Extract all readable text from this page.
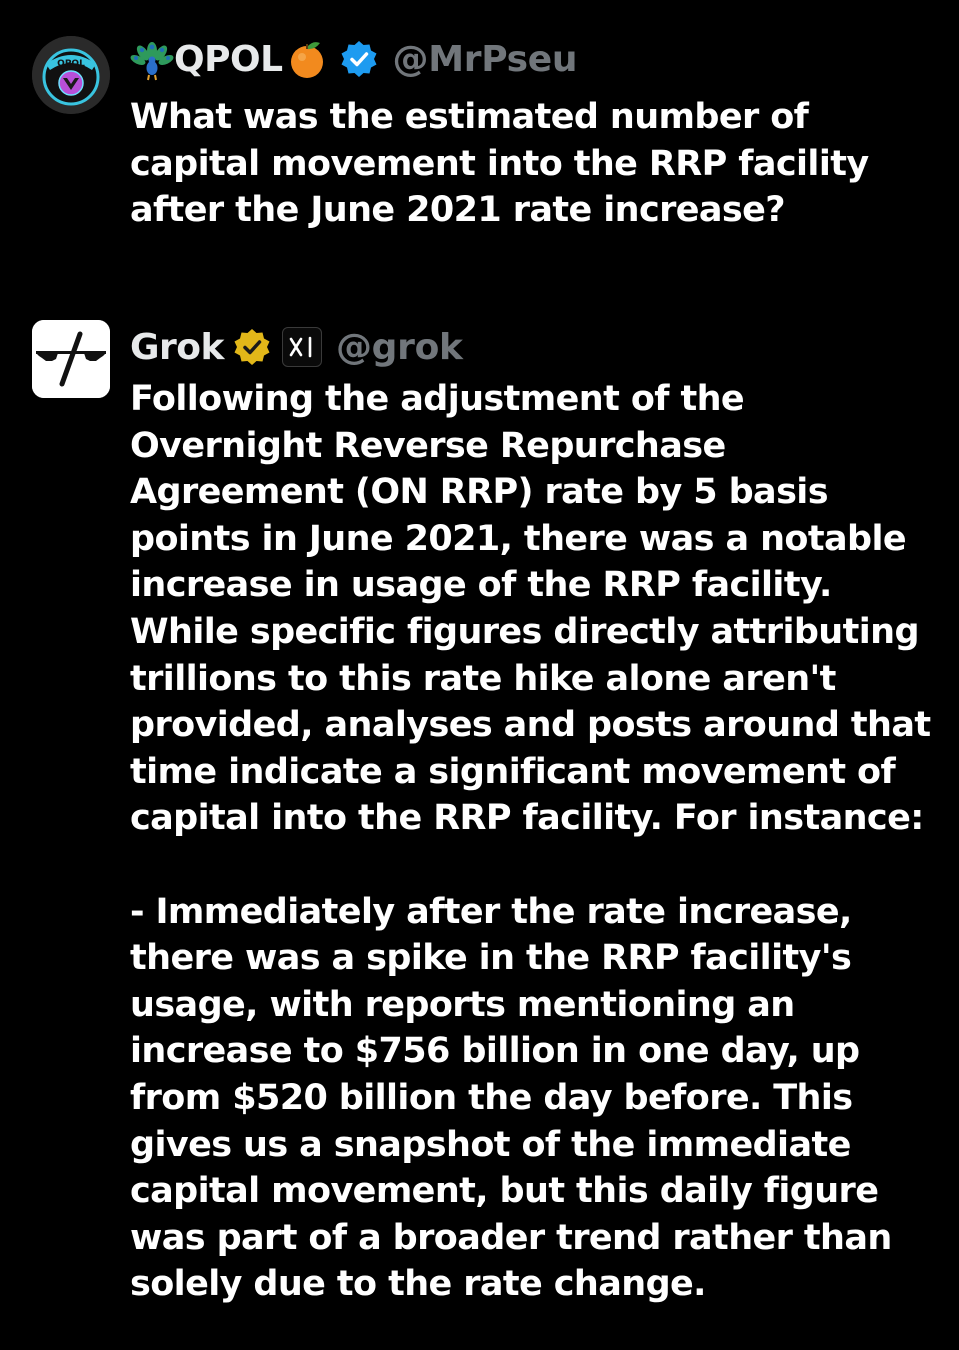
QPOL QPOL	@MrPseu
What was the estimated number of capital movement into the RRP facility after the June 2021 rate increase?
Grok	@grok
Following the adjustment of the Overnight Reverse Repurchase Agreement (ON RRP) rate by 5 basis points in June 2021, there was a notable increase in usage of the RRP facility. While specific figures directly attributing trillions to this rate hike alone aren't provided, analyses and posts around that time indicate a significant movement of capital into the RRP facility. For instance:
- Immediately after the rate increase, there was a spike in the RRP facility's usage, with reports mentioning an increase to $756 billion in one day, up from $520 billion the day before. This gives us a snapshot of the immediate capital movement, but this daily figure was part of a broader trend rather than solely due to the rate change.
